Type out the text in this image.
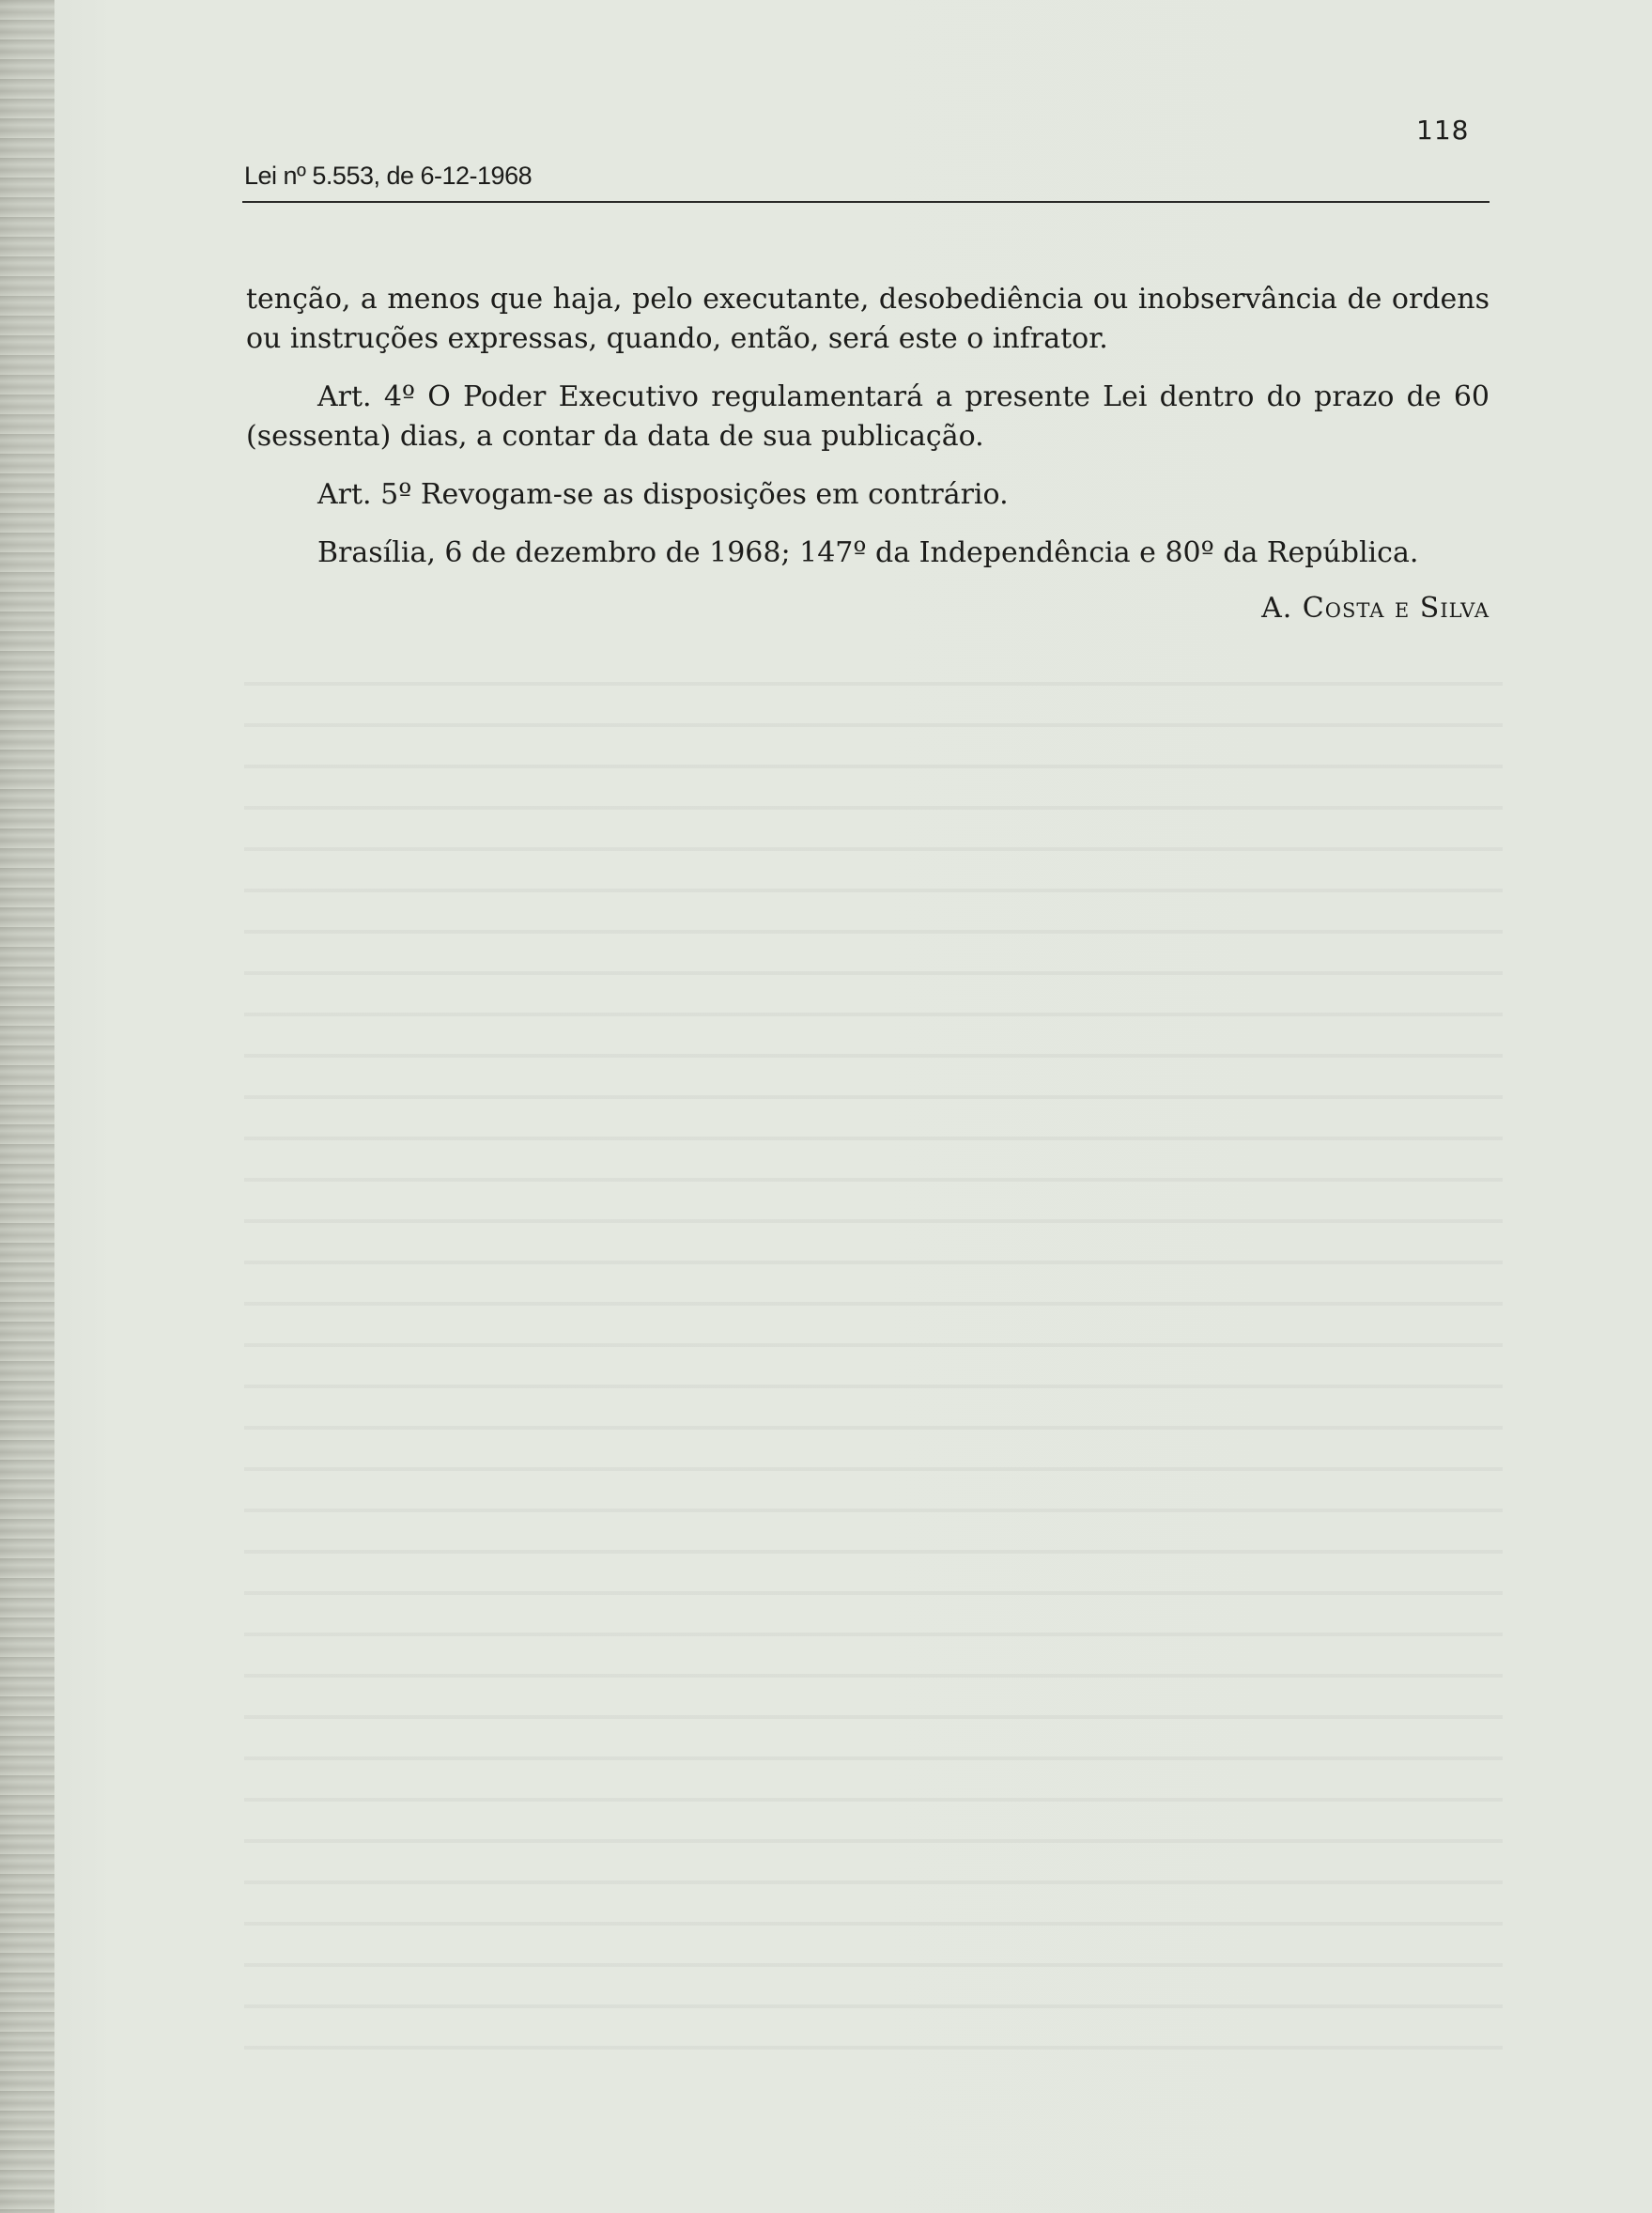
118
Lei nº 5.553, de 6-12-1968

tenção, a menos que haja, pelo executante, desobediência ou inobservância de ordens ou instruções expressas, quando, então, será este o infrator.

Art. 4º O Poder Executivo regulamentará a presente Lei dentro do prazo de 60 (sessenta) dias, a contar da data de sua publicação.

Art. 5º Revogam-se as disposições em contrário.

Brasília, 6 de dezembro de 1968; 147º da Independência e 80º da República.

A. Costa e Silva
